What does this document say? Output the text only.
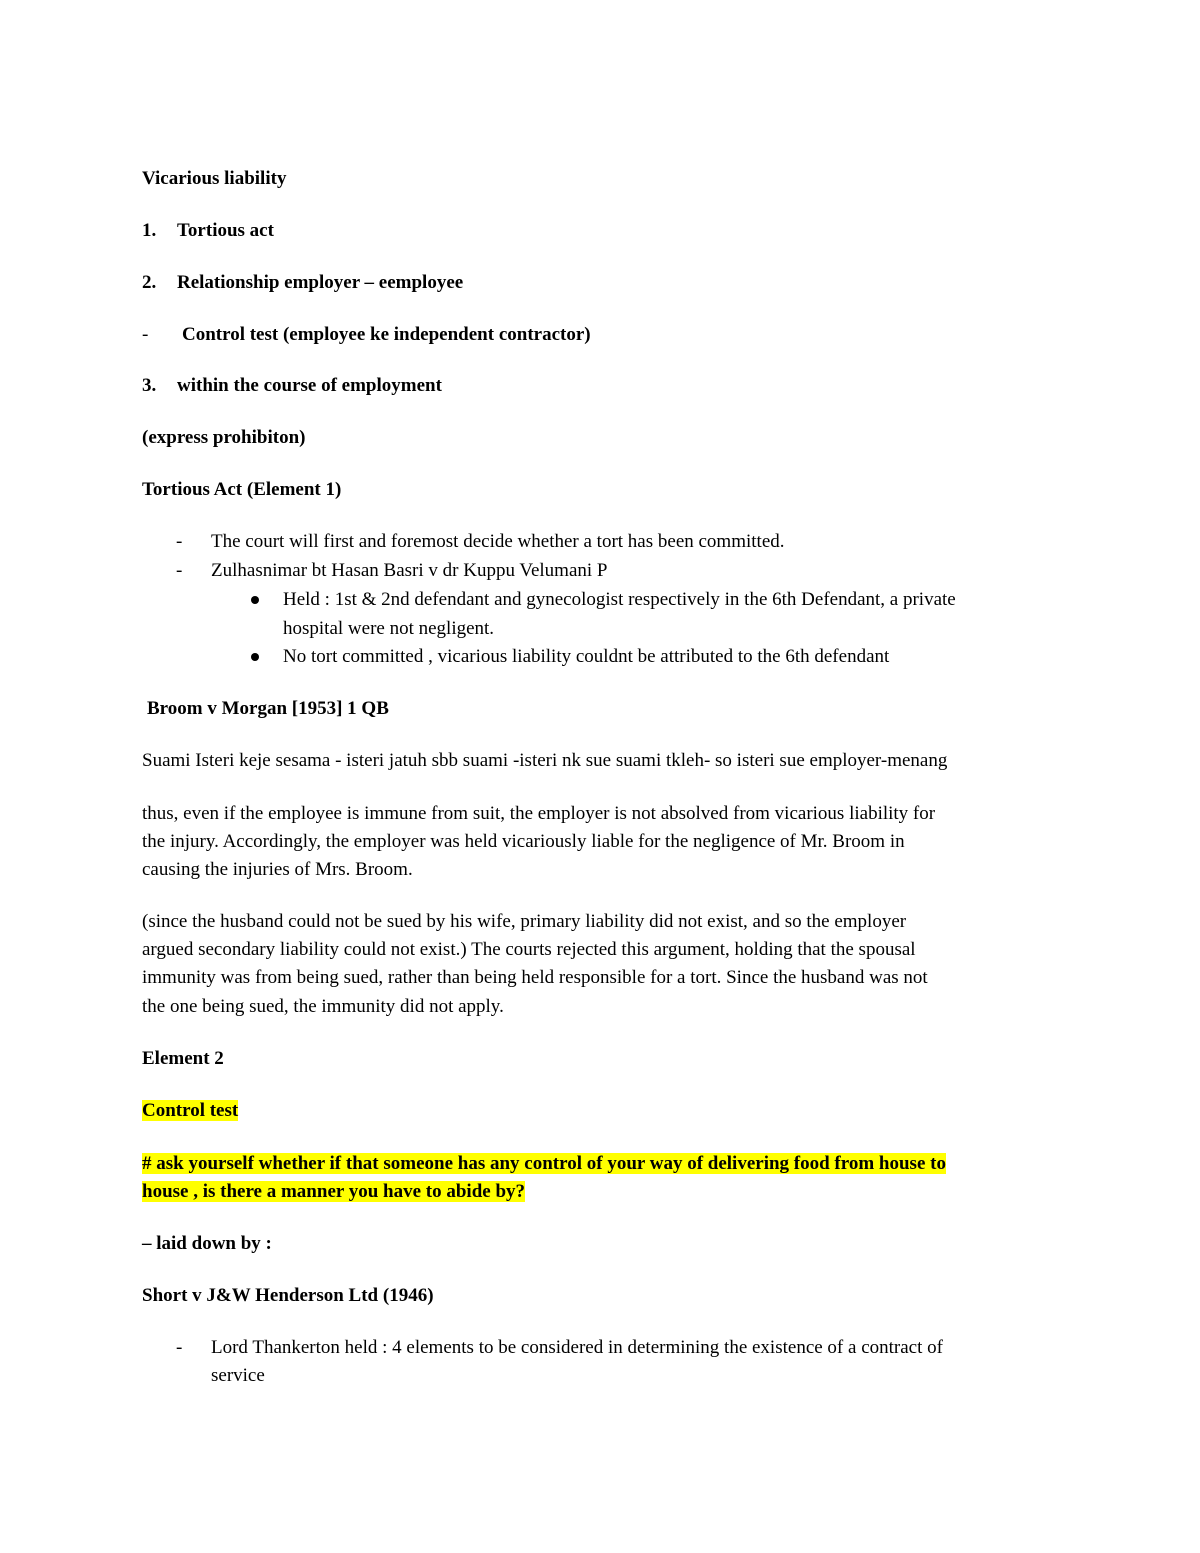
Vicarious liability
1. Tortious act
2. Relationship employer – eemployee
- Control test (employee ke independent contractor)
3. within the course of employment
(express prohibiton)
Tortious Act (Element 1)
- The court will first and foremost decide whether a tort has been committed.
- Zulhasnimar bt Hasan Basri v dr Kuppu Velumani P
Held : 1st & 2nd defendant and gynecologist respectively in the 6th Defendant, a private
hospital were not negligent.
No tort committed , vicarious liability couldnt be attributed to the 6th defendant
Broom v Morgan [1953] 1 QB
Suami Isteri keje sesama - isteri jatuh sbb suami -isteri nk sue suami tkleh- so isteri sue employer-menang
thus, even if the employee is immune from suit, the employer is not absolved from vicarious liability for
the injury. Accordingly, the employer was held vicariously liable for the negligence of Mr. Broom in
causing the injuries of Mrs. Broom.
(since the husband could not be sued by his wife, primary liability did not exist, and so the employer
argued secondary liability could not exist.) The courts rejected this argument, holding that the spousal
immunity was from being sued, rather than being held responsible for a tort. Since the husband was not
the one being sued, the immunity did not apply.
Element 2
Control test
# ask yourself whether if that someone has any control of your way of delivering food from house to
house , is there a manner you have to abide by?
– laid down by :
Short v J&W Henderson Ltd (1946)
- Lord Thankerton held : 4 elements to be considered in determining the existence of a contract of
service
